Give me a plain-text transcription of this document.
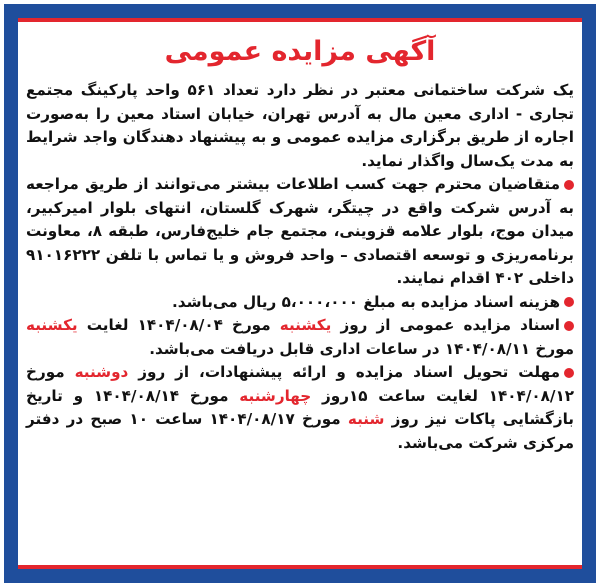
آگهی مزایده عمومی

یک شرکت ساختمانی معتبر در نظر دارد تعداد ۵۶۱ واحد پارکینگ مجتمع تجاری - اداری معین مال به آدرس تهران، خیابان استاد معین را به‌صورت اجاره از طریق برگزاری مزایده عمومی و به پیشنهاد دهندگان واجد شرایط به مدت یک‌سال واگذار نماید.

متقاضیان محترم جهت کسب اطلاعات بیشتر می‌توانند از طریق مراجعه به آدرس شرکت واقع در چیتگر، شهرک گلستان، انتهای بلوار امیرکبیر، میدان موج، بلوار علامه قزوینی، مجتمع جام خلیج‌فارس، طبقه ۸، معاونت برنامه‌ریزی و توسعه اقتصادی – واحد فروش و یا تماس با تلفن ۹۱۰۱۶۲۲۲ داخلی ۴۰۲ اقدام نمایند.

هزینه اسناد مزایده به مبلغ ۵،۰۰۰،۰۰۰ ریال می‌باشد.

اسناد مزایده عمومی از روز یکشنبه مورخ ۱۴۰۴/۰۸/۰۴ لغایت یکشنبه مورخ ۱۴۰۴/۰۸/۱۱ در ساعات اداری قابل دریافت می‌باشد.

مهلت تحویل اسناد مزایده و ارائه پیشنهادات، از روز دوشنبه مورخ ۱۴۰۴/۰۸/۱۲ لغایت ساعت ۱۵روز چهارشنبه مورخ ۱۴۰۴/۰۸/۱۴ و تاریخ بازگشایی پاکات نیز روز شنبه مورخ ۱۴۰۴/۰۸/۱۷ ساعت ۱۰ صبح در دفتر مرکزی شرکت می‌باشد.
